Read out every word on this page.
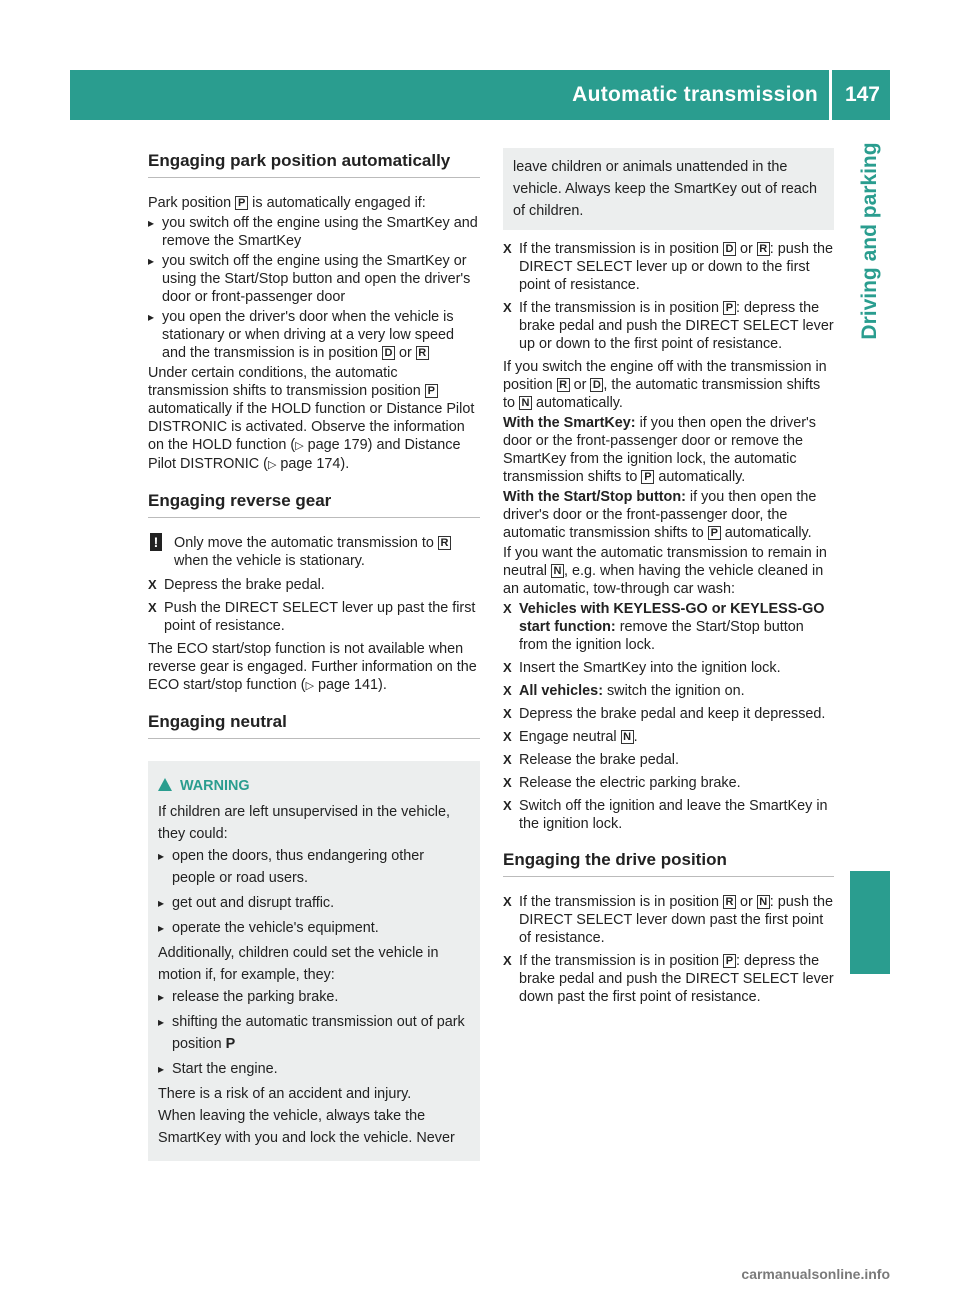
Automatic transmission 147
Driving and parking
Engaging park position automatically

Park position P is automatically engaged if:

▸ you switch off the engine using the SmartKey and remove the SmartKey
▸ you switch off the engine using the SmartKey or using the Start/Stop button and open the driver's door or front-passenger door
▸ you open the driver's door when the vehicle is stationary or when driving at a very low speed and the transmission is in position D or R

Under certain conditions, the automatic transmission shifts to transmission position P automatically if the HOLD function or Distance Pilot DISTRONIC is activated. Observe the information on the HOLD function (▷ page 179) and Distance Pilot DISTRONIC (▷ page 174).

Engaging reverse gear
! Only move the automatic transmission to R when the vehicle is stationary.
X Depress the brake pedal.
X Push the DIRECT SELECT lever up past the first point of resistance.

The ECO start/stop function is not available when reverse gear is engaged. Further information on the ECO start/stop function (▷ page 141).

Engaging neutral
WARNING
If children are left unsupervised in the vehicle, they could:
▸ open the doors, thus endangering other people or road users.
▸ get out and disrupt traffic.
▸ operate the vehicle's equipment.
Additionally, children could set the vehicle in motion if, for example, they:
▸ release the parking brake.
▸ shifting the automatic transmission out of park position P
▸ Start the engine.
There is a risk of an accident and injury.
When leaving the vehicle, always take the SmartKey with you and lock the vehicle. Never
leave children or animals unattended in the vehicle. Always keep the SmartKey out of reach of children.
X If the transmission is in position D or R : push the DIRECT SELECT lever up or down to the first point of resistance.
X If the transmission is in position P : depress the brake pedal and push the DIRECT SELECT lever up or down to the first point of resistance.

If you switch the engine off with the transmission in position R or D , the automatic transmission shifts to N automatically.

With the SmartKey: if you then open the driver's door or the front-passenger door or remove the SmartKey from the ignition lock, the automatic transmission shifts to P automatically.

With the Start/Stop button: if you then open the driver's door or the front-passenger door, the automatic transmission shifts to P automatically.

If you want the automatic transmission to remain in neutral N , e.g. when having the vehicle cleaned in an automatic, tow-through car wash:

X Vehicles with KEYLESS-GO or KEYLESS-GO start function: remove the Start/Stop button from the ignition lock.
X Insert the SmartKey into the ignition lock.
X All vehicles: switch the ignition on.
X Depress the brake pedal and keep it depressed.
X Engage neutral N .
X Release the brake pedal.
X Release the electric parking brake.
X Switch off the ignition and leave the SmartKey in the ignition lock.
Engaging the drive position
X If the transmission is in position R or N : push the DIRECT SELECT lever down past the first point of resistance.
X If the transmission is in position P : depress the brake pedal and push the DIRECT SELECT lever down past the first point of resistance.
carmanualsonline.info
